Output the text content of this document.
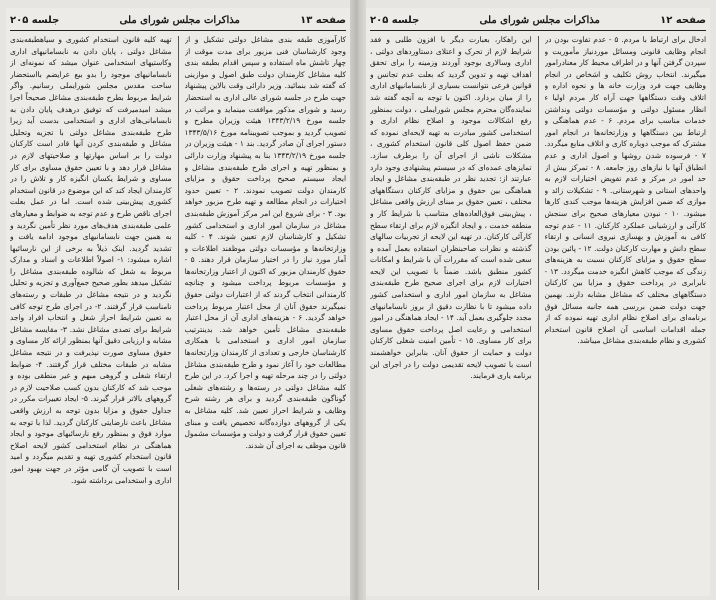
صفحه ۱۳
مذاکرات مجلس شورای ملی
جلسه ۲۰۵

کارآموزی طبقه بندی مشاغل دولتی تشکیل و از وجود کارشناسان فنی مزبور برای مدت موقت از چهار تاشش ماه استفاده و سپس اقدام بطبقه بندی کلیه مشاغل کارمندان دولت طبق اصول و موازینی که گفته شد بنمائید. وزیر دارائی وقت بالاین پیشنهاد جهت طرح در جلسه شورای عالی اداری به استحضار رسید و شورای مذکور موافقت مینماید و مراتب در جلسه مورخ ۱۳۴۳/۲/۱۹ هیئت وزیران مطرح و تصویب گردید و بموجب تصویبنامه مورخ ۱۳۴۳/۵/۱۶ دستور اجرای آن صادر گردید. بند ۱ - هیئت وزیران در جلسه مورخ ۱۳۴۳/۲/۱۹ بنا به پیشنهاد وزارت دارائی و بمنظور تهیه و اجرای طرح طبقه‌بندی مشاغل و ایجاد سیستم صحیح پرداخت حقوق و مزایای کارمندان دولت تصویب نمودند. ۲ - تعیین حدود اختیارات در انجام مطالعه و تهیه طرح مزبور خواهد بود. ۳ - برای شروع این امر مرکز آموزش طبقه‌بندی مشاغل در سازمان امور اداری و استخدامی کشور تشکیل و کارشناسان لازم تعیین شوند. ۴ - کلیه وزارتخانه‌ها و مؤسسات دولتی موظفند اطلاعات و آمار مورد نیاز را در اختیار سازمان قرار دهند. ۵ - حقوق کارمندان مزبور که اکنون از اعتبار وزارتخانه‌ها و مؤسسات مربوط پرداخت میشود و چنانچه کارمندانی انتخاب گردند که از اعتبارات دولتی حقوق نمیگیرند حقوق آنان از محل اعتبار مربوط پرداخت خواهد گردید. ۶ - هزینه‌های اداری آن از محل اعتبار طبقه‌بندی مشاغل تأمین خواهد شد. بدینترتیب سازمان امور اداری و استخدامی با همکاری کارشناسان خارجی و تعدادی از کارمندان وزارتخانه‌ها مطالعات خود را آغاز نمود و طرح طبقه‌بندی مشاغل دولتی را در چند مرحله تهیه و اجرا کرد. در این طرح کلیه مشاغل دولتی در رسته‌ها و رشته‌های شغلی گوناگون طبقه‌بندی گردید و برای هر رشته شرح وظایف و شرایط احراز تعیین شد. کلیه مشاغل به یکی از گروههای دوازده‌گانه تخصیص یافت و مبنای تعیین حقوق قرار گرفت و دولت و مؤسسات مشمول قانون موظف به اجرای آن شدند.

تهیه کلیه قانون استخدام کشوری و سیاهطبقه‌بندی مشاغل دولتی ، پایان دادن به نابسامانیهای اداری وکاستیهای استخدامی عنوان میشد که نمونه‌ای از نابسامانیهای موجود را بدو بیع عرایضم بااستحضار ساحت مقدس مجلس شورایملی رسانیم. واگر شرایط مربوط بطرح طبقه‌بندی مشاغل صحیحاً اجرا میشد امیدمیرفت که توفیق درهدف پایان دادن به نابسامانی‌های اداری و استخدامی بدست آید زیرا طرح طبقه‌بندی مشاغل دولتی با تجزیه وتحلیل مشاغل و طبقه‌بندی کردن آنها قادر است کارکنان دولت را بر اساس مهارتها و صلاحیتهای لازم در مشاغل قرار دهد و با تعیین حقوق مساوی برای کار مساوی و شرایط یکسان انگیزه کار و تلاش را در کارمندان ایجاد کند که این موضوع در قانون استخدام کشوری پیش‌بینی شده است. اما در عمل بعلت اجرای ناقص طرح و عدم توجه به ضوابط و معیارهای علمی طبقه‌بندی هدف‌های مورد نظر تأمین نگردید و به همین جهت نابسامانیهای موجود ادامه یافت و تشدید گردید. اینک ذیلاً به برخی از این نارسائیها اشاره میشود: ۱- اصولاً اطلاعات و اسناد و مدارک مربوط به شغل که شالوده طبقه‌بندی مشاغل را تشکیل میدهد بطور صحیح جمع‌آوری و تجزیه و تحلیل نگردید و در نتیجه مشاغل در طبقات و رسته‌های نامناسب قرار گرفتند. ۲- در اجرای طرح توجه کافی به تعیین شرایط احراز شغل و انتخاب افراد واجد شرایط برای تصدی مشاغل نشد. ۳- مقایسه مشاغل مشابه و ارزیابی دقیق آنها بمنظور ارائه کار مساوی و حقوق مساوی صورت نپذیرفت و در نتیجه مشاغل مشابه در طبقات مختلف قرار گرفتند. ۴- ضوابط ارتقاء شغلی و گروهی مبهم و غیر منطقی بوده و موجب شد که کارکنان بدون کسب صلاحیت لازم در گروههای بالاتر قرار گیرند. ۵- ایجاد تغییرات مکرر در جداول حقوق و مزایا بدون توجه به ارزش واقعی مشاغل باعث نارضایتی کارکنان گردید. لذا با توجه به موارد فوق و بمنظور رفع نارسائیهای موجود و ایجاد هماهنگی در نظام استخدامی کشور لایحه اصلاح قانون استخدام کشوری تهیه و تقدیم میگردد و امید است با تصویب آن گامی مؤثر در جهت بهبود امور اداری و استخدامی برداشته شود.

صفحه ۱۲
مذاکرات مجلس شورای ملی
جلسه ۲۰۵

ادخال برای ارتباط با مردم. ۵ - عدم تفاوت بودن در انجام وظایف قانونی ومسائل موردنیاز مأموریت و سپردن گرفتن آنها و در اطراف محیط کار معنادرامور میگیرند. انتخاب روش تکلیف و اشخاص در انجام وظایف جهت فرد وزارت خانه ها و نحوه اداره و اتلاف وقت دستگاهها جهت آراه کار مردم اولیا ء انظار مسئول دولتی و مؤسسات دولتی ونداشتن خدمات مناسب برای مردم. ۶ - عدم هماهنگی و ارتباط بین دستگاهها و وزارتخانه‌ها در انجام امور مشترک که موجب دوباره کاری و اتلاف منابع میگردد. ۷ - فرسوده شدن روشها و اصول اداری و عدم انطباق آنها با نیازهای روز جامعه. ۸ - تمرکز بیش از حد امور در مرکز و عدم تفویض اختیارات لازم به واحدهای استانی و شهرستانی. ۹ - تشکیلات زائد و موازی که ضمن افزایش هزینه‌ها موجب کندی کارها میشود. ۱۰ - نبودن معیارهای صحیح برای سنجش کارآئی و ارزشیابی عملکرد کارکنان. ۱۱ - عدم توجه کافی به آموزش و بهسازی نیروی انسانی و ارتقاء سطح دانش و مهارت کارکنان دولت. ۱۲ - پائین بودن سطح حقوق و مزایای کارکنان نسبت به هزینه‌های زندگی که موجب کاهش انگیزه خدمت میگردد. ۱۳ - نابرابری در پرداخت حقوق و مزایا بین کارکنان دستگاههای مختلف که مشاغل مشابه دارند. بهمین جهت دولت ضمن بررسی همه جانبه مسائل فوق برنامه‌ای برای اصلاح نظام اداری تهیه نموده که از جمله اقدامات اساسی آن اصلاح قانون استخدام کشوری و نظام طبقه‌بندی مشاغل میباشد.

این راهکار، بعبارت دیگر با افزون طلبی و فقد شرایط لازم از تحرک و اعتلای دستاوردهای دولتی ، اداری وسالاری بوجود آوردند وزمینه را برای تحقق اهداف تهیه و تدوین گردید که بعلت عدم تجانس و قوانین فرعی نتوانست بسیاری از نابسامانیهای اداری را از میان بردارد. اکنون با توجه به آنچه گفته شد نماینده‌گان محترم مجلس شورایملی ، دولت بمنظور رفع اشکالات موجود و اصلاح نظام اداری و استخدامی کشور مبادرت به تهیه لایحه‌ای نموده که ضمن حفظ اصول کلی قانون استخدام کشوری ، مشکلات ناشی از اجرای آن را برطرف سازد. تمایزهای عمده‌ای که در سیستم پیشنهادی وجود دارد عبارتند از: تجدید نظر در طبقه‌بندی مشاغل و ایجاد هماهنگی بین حقوق و مزایای کارکنان دستگاههای مختلف ، تعیین حقوق بر مبنای ارزش واقعی مشاغل ، پیش‌بینی فوق‌العاده‌های متناسب با شرایط کار و منطقه خدمت ، و ایجاد انگیزه لازم برای ارتقاء سطح کارآئی کارکنان. در تهیه این لایحه از تجربیات سالهای گذشته و نظرات صاحبنظران استفاده بعمل آمده و سعی شده است که مقررات آن با شرایط و امکانات کشور منطبق باشد. ضمناً با تصویب این لایحه اختیارات لازم برای اجرای صحیح طرح طبقه‌بندی مشاغل به سازمان امور اداری و استخدامی کشور داده میشود تا با نظارت دقیق از بروز نابسامانیهای مجدد جلوگیری بعمل آید. ۱۴ - ایجاد هماهنگی در امور استخدامی و رعایت اصل پرداخت حقوق مساوی برای کار مساوی. ۱۵ - تأمین امنیت شغلی کارکنان دولت و حمایت از حقوق آنان. بنابراین خواهشمند است با تصویب لایحه تقدیمی دولت را در اجرای این برنامه یاری فرمایند.
